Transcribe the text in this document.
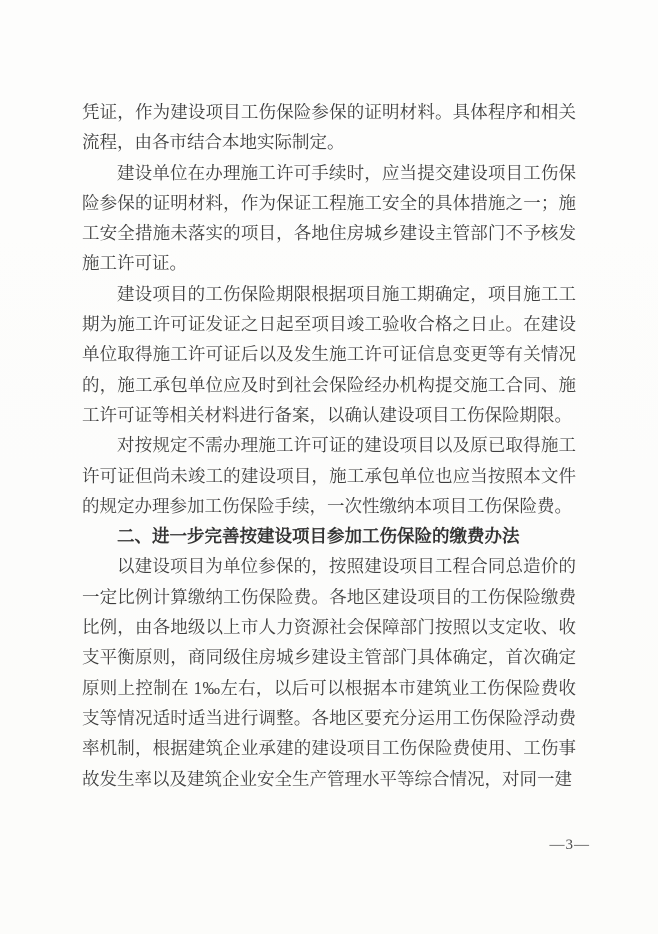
凭证，作为建设项目工伤保险参保的证明材料。具体程序和相关流程，由各市结合本地实际制定。

建设单位在办理施工许可手续时，应当提交建设项目工伤保险参保的证明材料，作为保证工程施工安全的具体措施之一；施工安全措施未落实的项目，各地住房城乡建设主管部门不予核发施工许可证。

建设项目的工伤保险期限根据项目施工期确定，项目施工工期为施工许可证发证之日起至项目竣工验收合格之日止。在建设单位取得施工许可证后以及发生施工许可证信息变更等有关情况的，施工承包单位应及时到社会保险经办机构提交施工合同、施工许可证等相关材料进行备案，以确认建设项目工伤保险期限。

对按规定不需办理施工许可证的建设项目以及原已取得施工许可证但尚未竣工的建设项目，施工承包单位也应当按照本文件的规定办理参加工伤保险手续，一次性缴纳本项目工伤保险费。

二、进一步完善按建设项目参加工伤保险的缴费办法

以建设项目为单位参保的，按照建设项目工程合同总造价的一定比例计算缴纳工伤保险费。各地区建设项目的工伤保险缴费比例，由各地级以上市人力资源社会保障部门按照以支定收、收支平衡原则，商同级住房城乡建设主管部门具体确定，首次确定原则上控制在 1‰左右，以后可以根据本市建筑业工伤保险费收支等情况适时适当进行调整。各地区要充分运用工伤保险浮动费率机制，根据建筑企业承建的建设项目工伤保险费使用、工伤事故发生率以及建筑企业安全生产管理水平等综合情况，对同一建

—3—
